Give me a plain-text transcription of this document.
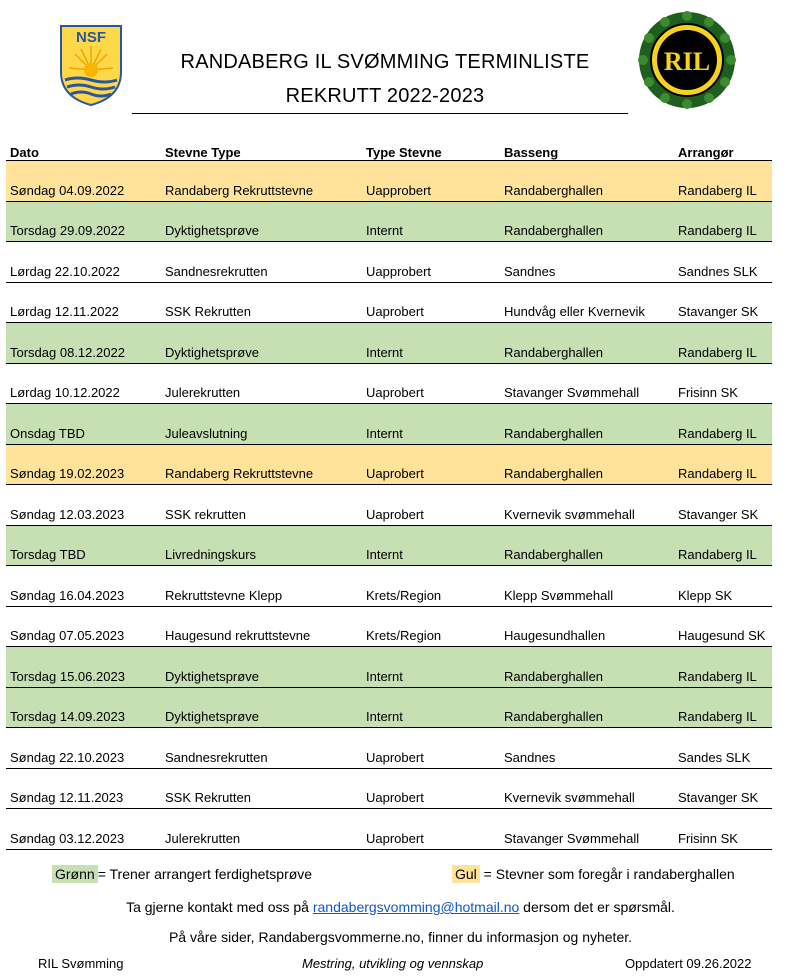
NSF
RANDABERG IL SVØMMING TERMINLISTE
REKRUTT 2022-2023
RIL
Dato	Stevne Type	Type Stevne	Basseng	Arrangør
Søndag 04.09.2022	Randaberg Rekruttstevne	Uapprobert	Randaberghallen	Randaberg IL
Torsdag 29.09.2022	Dyktighetsprøve	Internt	Randaberghallen	Randaberg IL
Lørdag 22.10.2022	Sandnesrekrutten	Uapprobert	Sandnes	Sandnes SLK
Lørdag 12.11.2022	SSK Rekrutten	Uaprobert	Hundvåg eller Kvernevik	Stavanger SK
Torsdag 08.12.2022	Dyktighetsprøve	Internt	Randaberghallen	Randaberg IL
Lørdag 10.12.2022	Julerekrutten	Uaprobert	Stavanger Svømmehall	Frisinn SK
Onsdag TBD	Juleavslutning	Internt	Randaberghallen	Randaberg IL
Søndag 19.02.2023	Randaberg Rekruttstevne	Uaprobert	Randaberghallen	Randaberg IL
Søndag 12.03.2023	SSK rekrutten	Uaprobert	Kvernevik svømmehall	Stavanger SK
Torsdag TBD	Livredningskurs	Internt	Randaberghallen	Randaberg IL
Søndag 16.04.2023	Rekruttstevne Klepp	Krets/Region	Klepp Svømmehall	Klepp SK
Søndag 07.05.2023	Haugesund rekruttstevne	Krets/Region	Haugesundhallen	Haugesund SK
Torsdag 15.06.2023	Dyktighetsprøve	Internt	Randaberghallen	Randaberg IL
Torsdag 14.09.2023	Dyktighetsprøve	Internt	Randaberghallen	Randaberg IL
Søndag 22.10.2023	Sandnesrekrutten	Uaprobert	Sandnes	Sandes SLK
Søndag 12.11.2023	SSK Rekrutten	Uaprobert	Kvernevik svømmehall	Stavanger SK
Søndag 03.12.2023	Julerekrutten	Uaprobert	Stavanger Svømmehall	Frisinn SK
Grønn = Trener arrangert ferdighetsprøve	Gul = Stevner som foregår i randaberghallen
Ta gjerne kontakt med oss på randabergsvomming@hotmail.no dersom det er spørsmål.
På våre sider, Randabergsvommerne.no, finner du informasjon og nyheter.
RIL Svømming	Mestring, utvikling og vennskap	Oppdatert 09.26.2022
